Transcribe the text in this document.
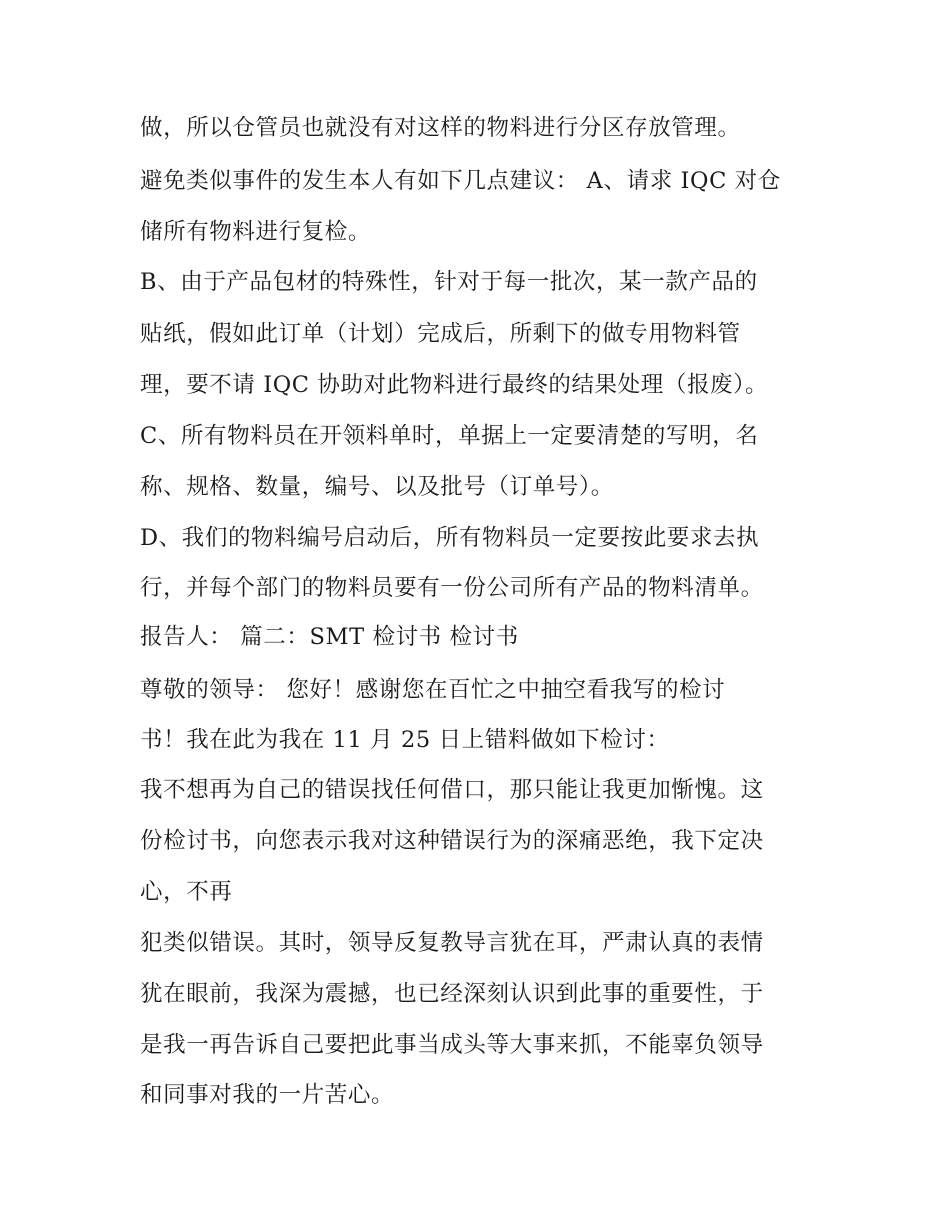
做，所以仓管员也就没有对这样的物料进行分区存放管理。
避免类似事件的发生本人有如下几点建议： A、请求 IQC 对仓
储所有物料进行复检。
B、由于产品包材的特殊性，针对于每一批次，某一款产品的
贴纸，假如此订单（计划）完成后，所剩下的做专用物料管
理，要不请 IQC 协助对此物料进行最终的结果处理（报废）。
C、所有物料员在开领料单时，单据上一定要清楚的写明，名
称、规格、数量，编号、以及批号（订单号）。
D、我们的物料编号启动后，所有物料员一定要按此要求去执
行，并每个部门的物料员要有一份公司所有产品的物料清单。
报告人： 篇二：SMT 检讨书 检讨书
尊敬的领导： 您好！感谢您在百忙之中抽空看我写的检讨
书！我在此为我在 11 月 25 日上错料做如下检讨：
我不想再为自己的错误找任何借口，那只能让我更加惭愧。这
份检讨书，向您表示我对这种错误行为的深痛恶绝，我下定决
心，不再
犯类似错误。其时，领导反复教导言犹在耳，严肃认真的表情
犹在眼前，我深为震撼，也已经深刻认识到此事的重要性，于
是我一再告诉自己要把此事当成头等大事来抓，不能辜负领导
和同事对我的一片苦心。
